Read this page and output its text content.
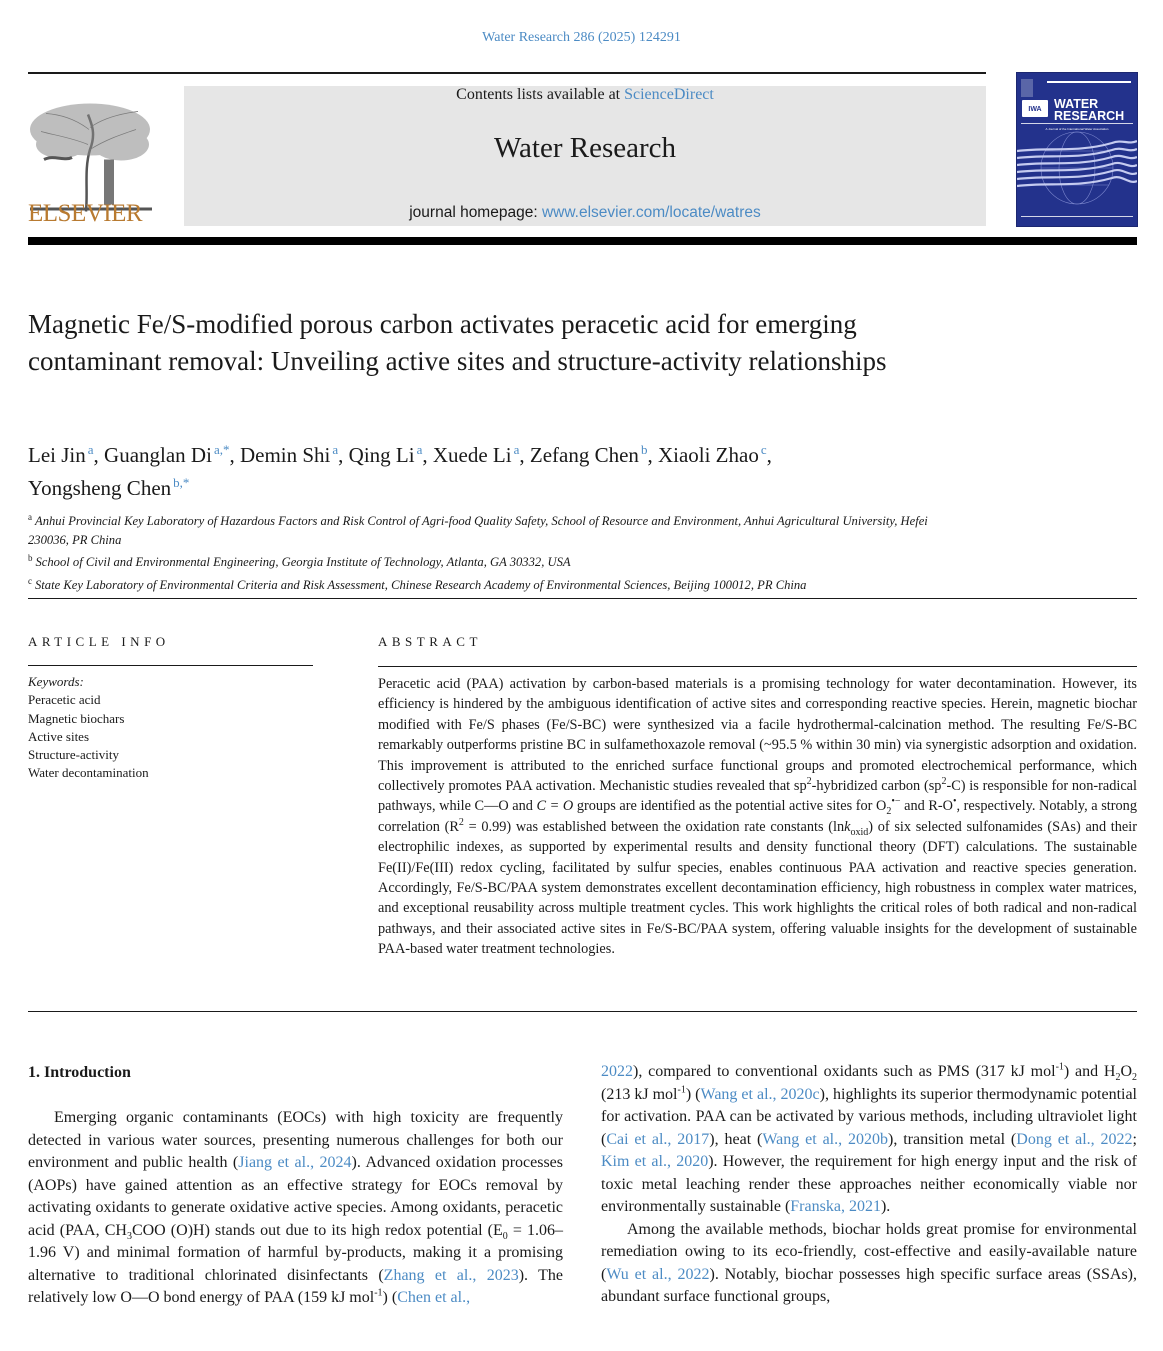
Water Research 286 (2025) 124291
ELSEVIER
Contents lists available at ScienceDirect
Water Research
journal homepage: www.elsevier.com/locate/watres
IWA WATER
RESEARCH
A Journal of the International Water Association
Magnetic Fe/S-modified porous carbon activates peracetic acid for emerging contaminant removal: Unveiling active sites and structure-activity relationships
Lei Jin $^a$, Guanglan Di $^{a,*}$, Demin Shi $^a$, Qing Li $^a$, Xuede Li $^a$, Zefang Chen $^b$, Xiaoli Zhao $^c$,
Yongsheng Chen $^{b,*}$
$^a$ Anhui Provincial Key Laboratory of Hazardous Factors and Risk Control of Agri-food Quality Safety, School of Resource and Environment, Anhui Agricultural University, Hefei 230036, PR China
$^b$ School of Civil and Environmental Engineering, Georgia Institute of Technology, Atlanta, GA 30332, USA
$^c$ State Key Laboratory of Environmental Criteria and Risk Assessment, Chinese Research Academy of Environmental Sciences, Beijing 100012, PR China
ARTICLE INFO
Keywords:
Peracetic acid
Magnetic biochars
Active sites
Structure-activity
Water decontamination
ABSTRACT
Peracetic acid (PAA) activation by carbon-based materials is a promising technology for water decontamination. However, its efficiency is hindered by the ambiguous identification of active sites and corresponding reactive species. Herein, magnetic biochar modified with Fe/S phases (Fe/S-BC) were synthesized via a facile hydrothermal-calcination method. The resulting Fe/S-BC remarkably outperforms pristine BC in sulfamethoxazole removal (~95.5 % within 30 min) via synergistic adsorption and oxidation. This improvement is attributed to the enriched surface functional groups and promoted electrochemical performance, which collectively promotes PAA activation. Mechanistic studies revealed that $sp^2$-hybridized carbon $(sp^2-C)$ is responsible for non-radical pathways, while C—O and C = O groups are identified as the potential active sites for $O_2^{•-}$ and R-O•, respectively. Notably, a strong correlation $(R^2 = 0.99)$ was established between the oxidation rate constants (lnk$_{oxid}$) of six selected sulfonamides (SAs) and their electrophilic indexes, as supported by experimental results and density functional theory (DFT) calculations. The sustainable Fe(II)/Fe(III) redox cycling, facilitated by sulfur species, enables continuous PAA activation and reactive species generation. Accordingly, Fe/S-BC/PAA system demonstrates excellent decontamination efficiency, high robustness in complex water matrices, and exceptional reusability across multiple treatment cycles. This work highlights the critical roles of both radical and non-radical pathways, and their associated active sites in Fe/S-BC/PAA system, offering valuable insights for the development of sustainable PAA-based water treatment technologies.
1. Introduction

Emerging organic contaminants (EOCs) with high toxicity are frequently detected in various water sources, presenting numerous challenges for both our environment and public health (Jiang et al., 2024). Advanced oxidation processes (AOPs) have gained attention as an effective strategy for EOCs removal by activating oxidants to generate oxidative active species. Among oxidants, peracetic acid (PAA, $CH_3COO$ (O)H) stands out due to its high redox potential ($E_0 = 1.06-1.96$ V) and minimal formation of harmful by-products, making it a promising alternative to traditional chlorinated disinfectants (Zhang et al., 2023). The relatively low O—O bond energy of PAA (159 kJ mol$^{-1}$) (Chen et al.,

2022), compared to conventional oxidants such as PMS (317 kJ mol$^{-1}$) and $H_2O_2$ (213 kJ mol$^{-1}$) (Wang et al., 2020c), highlights its superior thermodynamic potential for activation. PAA can be activated by various methods, including ultraviolet light (Cai et al., 2017), heat (Wang et al., 2020b), transition metal (Dong et al., 2022; Kim et al., 2020). However, the requirement for high energy input and the risk of toxic metal leaching render these approaches neither economically viable nor environmentally sustainable (Franska, 2021).

Among the available methods, biochar holds great promise for environmental remediation owing to its eco-friendly, cost-effective and easily-available nature (Wu et al., 2022). Notably, biochar possesses high specific surface areas (SSAs), abundant surface functional groups,
